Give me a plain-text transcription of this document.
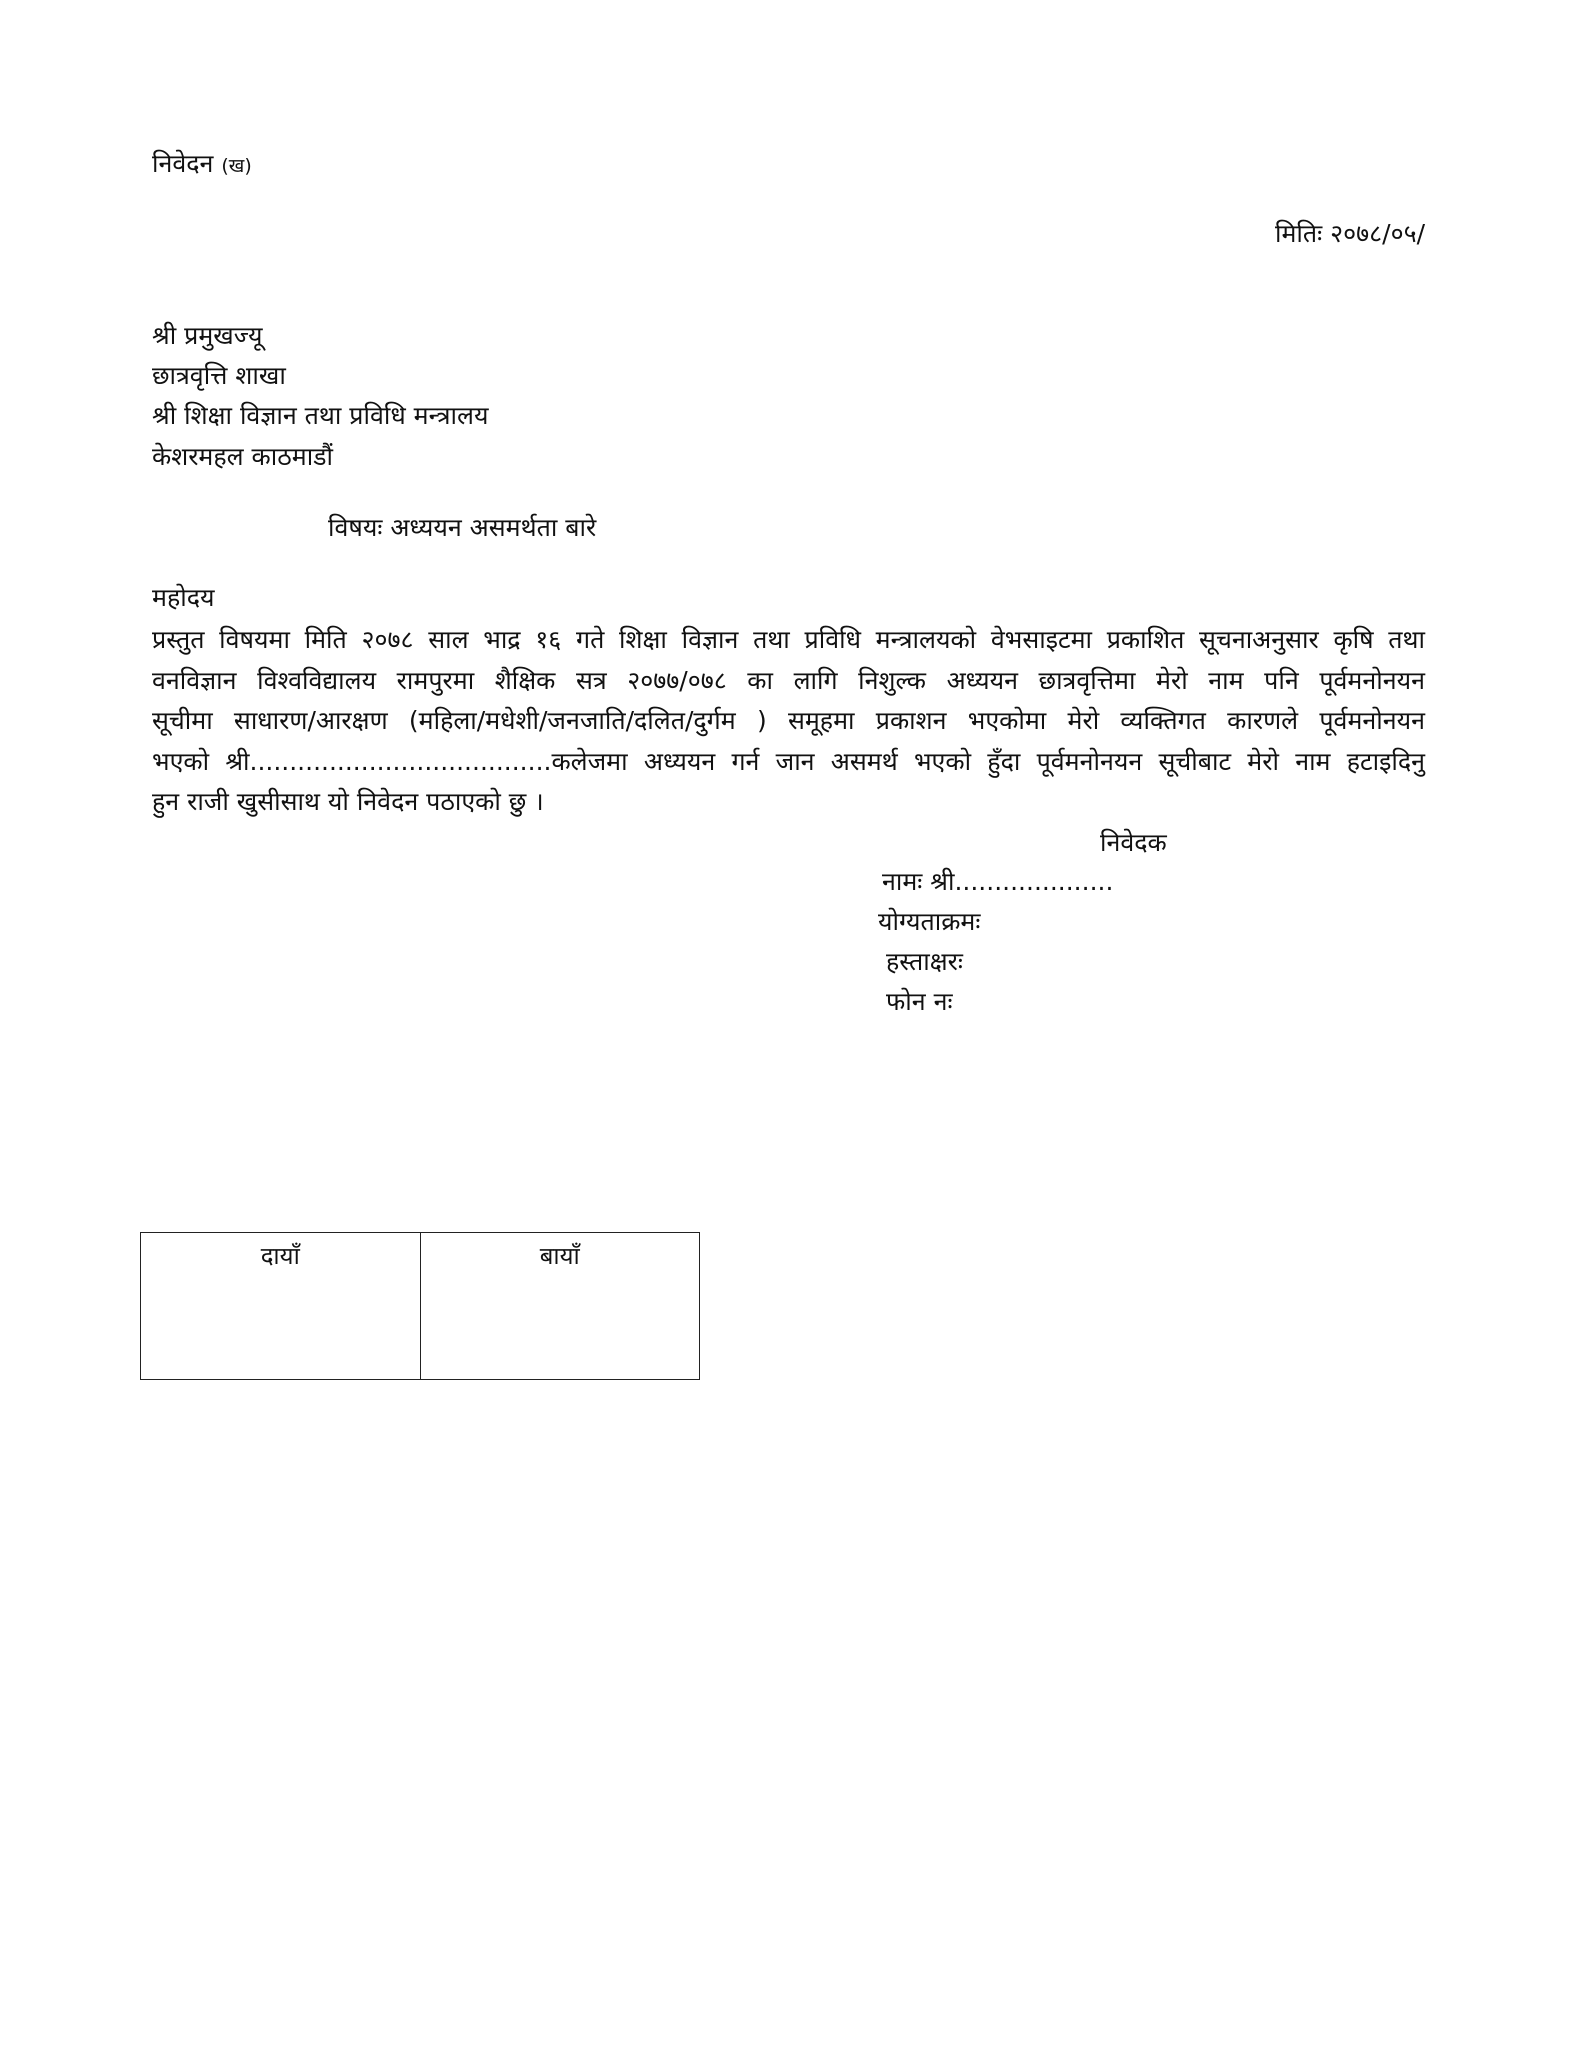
निवेदन (ख)
मितिः २०७८/०५/
श्री प्रमुखज्यू
छात्रवृत्ति शाखा
श्री शिक्षा विज्ञान तथा प्रविधि मन्त्रालय
केशरमहल काठमाडौं
विषयः अध्ययन असमर्थता बारे
महोदय
प्रस्तुत विषयमा मिति २०७८ साल भाद्र १६ गते शिक्षा विज्ञान तथा प्रविधि मन्त्रालयको वेभसाइटमा प्रकाशित सूचनाअनुसार कृषि तथा
वनविज्ञान विश्वविद्यालय रामपुरमा शैक्षिक सत्र २०७७/०७८ का लागि निशुल्क अध्ययन छात्रवृत्तिमा मेरो नाम पनि पूर्वमनोनयन
सूचीमा साधारण/आरक्षण (महिला/मधेशी/जनजाति/दलित/दुर्गम ) समूहमा प्रकाशन भएकोमा मेरो व्यक्तिगत कारणले पूर्वमनोनयन
भएको श्री......................................कलेजमा अध्ययन गर्न जान असमर्थ भएको हुँदा पूर्वमनोनयन सूचीबाट मेरो नाम हटाइदिनु
हुन राजी खुसीसाथ यो निवेदन पठाएको छु ।
निवेदक
नामः श्री....................
योग्यताक्रमः
हस्ताक्षरः
फोन नः
दायाँ	बायाँ
